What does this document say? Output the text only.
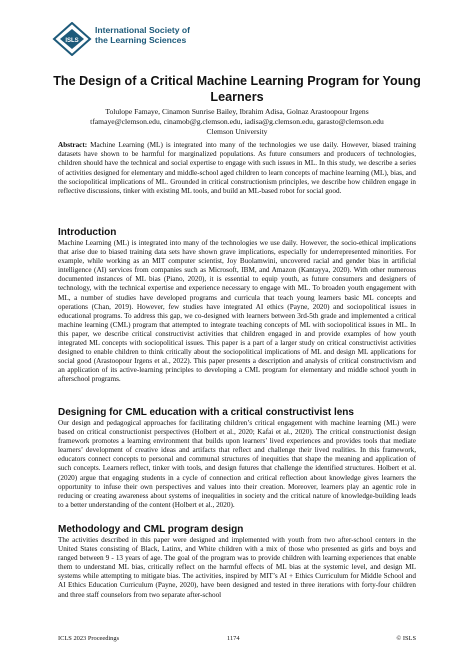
ISLS
International Society of
the Learning Sciences
The Design of a Critical Machine Learning Program for Young Learners
Tolulope Famaye, Cinamon Sunrise Bailey, Ibrahim Adisa, Golnaz Arastoopour Irgens
tfamaye@clemson.edu, cinamob@g.clemson.edu, iadisa@g.clemson.edu, garasto@clemson.edu
Clemson University
Abstract: Machine Learning (ML) is integrated into many of the technologies we use daily. However, biased training datasets have shown to be harmful for marginalized populations. As future consumers and producers of technologies, children should have the technical and social expertise to engage with such issues in ML. In this study, we describe a series of activities designed for elementary and middle-school aged children to learn concepts of machine learning (ML), bias, and the sociopolitical implications of ML. Grounded in critical constructionism principles, we describe how children engage in reflective discussions, tinker with existing ML tools, and build an ML-based robot for social good.
Introduction
Machine Learning (ML) is integrated into many of the technologies we use daily. However, the socio-ethical implications that arise due to biased training data sets have shown grave implications, especially for underrepresented minorities. For example, while working as an MIT computer scientist, Joy Buolamwini, uncovered racial and gender bias in artificial intelligence (AI) services from companies such as Microsoft, IBM, and Amazon (Kantayya, 2020). With other numerous documented instances of ML bias (Piano, 2020), it is essential to equip youth, as future consumers and designers of technology, with the technical expertise and experience necessary to engage with ML. To broaden youth engagement with ML, a number of studies have developed programs and curricula that teach young learners basic ML concepts and operations (Chan, 2019). However, few studies have integrated AI ethics (Payne, 2020) and sociopolitical issues in educational programs. To address this gap, we co-designed with learners between 3rd-5th grade and implemented a critical machine learning (CML) program that attempted to integrate teaching concepts of ML with sociopolitical issues in ML. In this paper, we describe critical constructivist activities that children engaged in and provide examples of how youth integrated ML concepts with sociopolitical issues. This paper is a part of a larger study on critical constructivist activities designed to enable children to think critically about the sociopolitical implications of ML and design ML applications for social good (Arastoopour Irgens et al., 2022). This paper presents a description and analysis of critical constructivism and an application of its active-learning principles to developing a CML program for elementary and middle school youth in afterschool programs.
Designing for CML education with a critical constructivist lens
Our design and pedagogical approaches for facilitating children’s critical engagement with machine learning (ML) were based on critical constructionist perspectives (Holbert et al., 2020; Kafai et al., 2020). The critical constructionist design framework promotes a learning environment that builds upon learners’ lived experiences and provides tools that mediate learners’ development of creative ideas and artifacts that reflect and challenge their lived realities. In this framework, educators connect concepts to personal and communal structures of inequities that shape the meaning and application of such concepts. Learners reflect, tinker with tools, and design futures that challenge the identified structures. Holbert et al. (2020) argue that engaging students in a cycle of connection and critical reflection about knowledge gives learners the opportunity to infuse their own perspectives and values into their creation. Moreover, learners play an agentic role in reducing or creating awareness about systems of inequalities in society and the critical nature of knowledge-building leads to a better understanding of the content (Holbert et al., 2020).
Methodology and CML program design
The activities described in this paper were designed and implemented with youth from two after-school centers in the United States consisting of Black, Latinx, and White children with a mix of those who presented as girls and boys and ranged between 9 - 13 years of age. The goal of the program was to provide children with learning experiences that enable them to understand ML bias, critically reflect on the harmful effects of ML bias at the systemic level, and design ML systems while attempting to mitigate bias. The activities, inspired by MIT’s AI + Ethics Curriculum for Middle School and AI Ethics Education Curriculum (Payne, 2020), have been designed and tested in three iterations with forty-four children and three staff counselors from two separate after-school
ICLS 2023 Proceedings	1174	© ISLS
